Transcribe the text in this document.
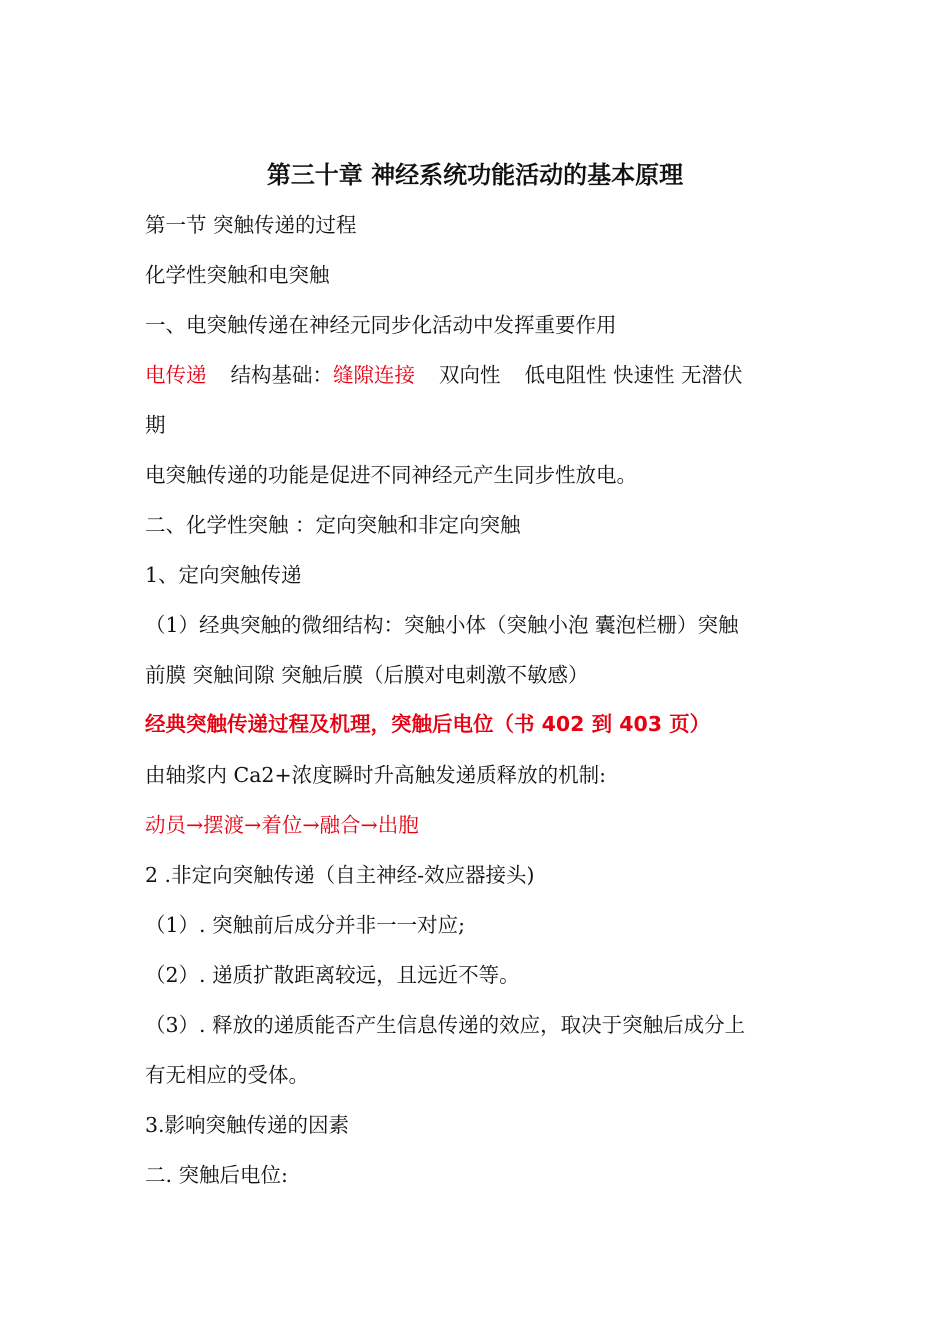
第三十章 神经系统功能活动的基本原理
第一节 突触传递的过程
化学性突触和电突触
一、电突触传递在神经元同步化活动中发挥重要作用
电传递 结构基础：缝隙连接 双向性 低电阻性 快速性 无潜伏
期
电突触传递的功能是促进不同神经元产生同步性放电。
二、化学性突触 ：定向突触和非定向突触
1、定向突触传递
（1）经典突触的微细结构：突触小体（突触小泡 囊泡栏栅）突触
前膜 突触间隙 突触后膜（后膜对电刺激不敏感）
经典突触传递过程及机理，突触后电位（书 402 到 403 页）
由轴浆内 Ca2+浓度瞬时升高触发递质释放的机制:
动员→摆渡→着位→融合→出胞
2 .非定向突触传递（自主神经-效应器接头)
（1）. 突触前后成分并非一一对应;
（2）. 递质扩散距离较远，且远近不等。
（3）. 释放的递质能否产生信息传递的效应，取决于突触后成分上
有无相应的受体。
3.影响突触传递的因素
二. 突触后电位:
